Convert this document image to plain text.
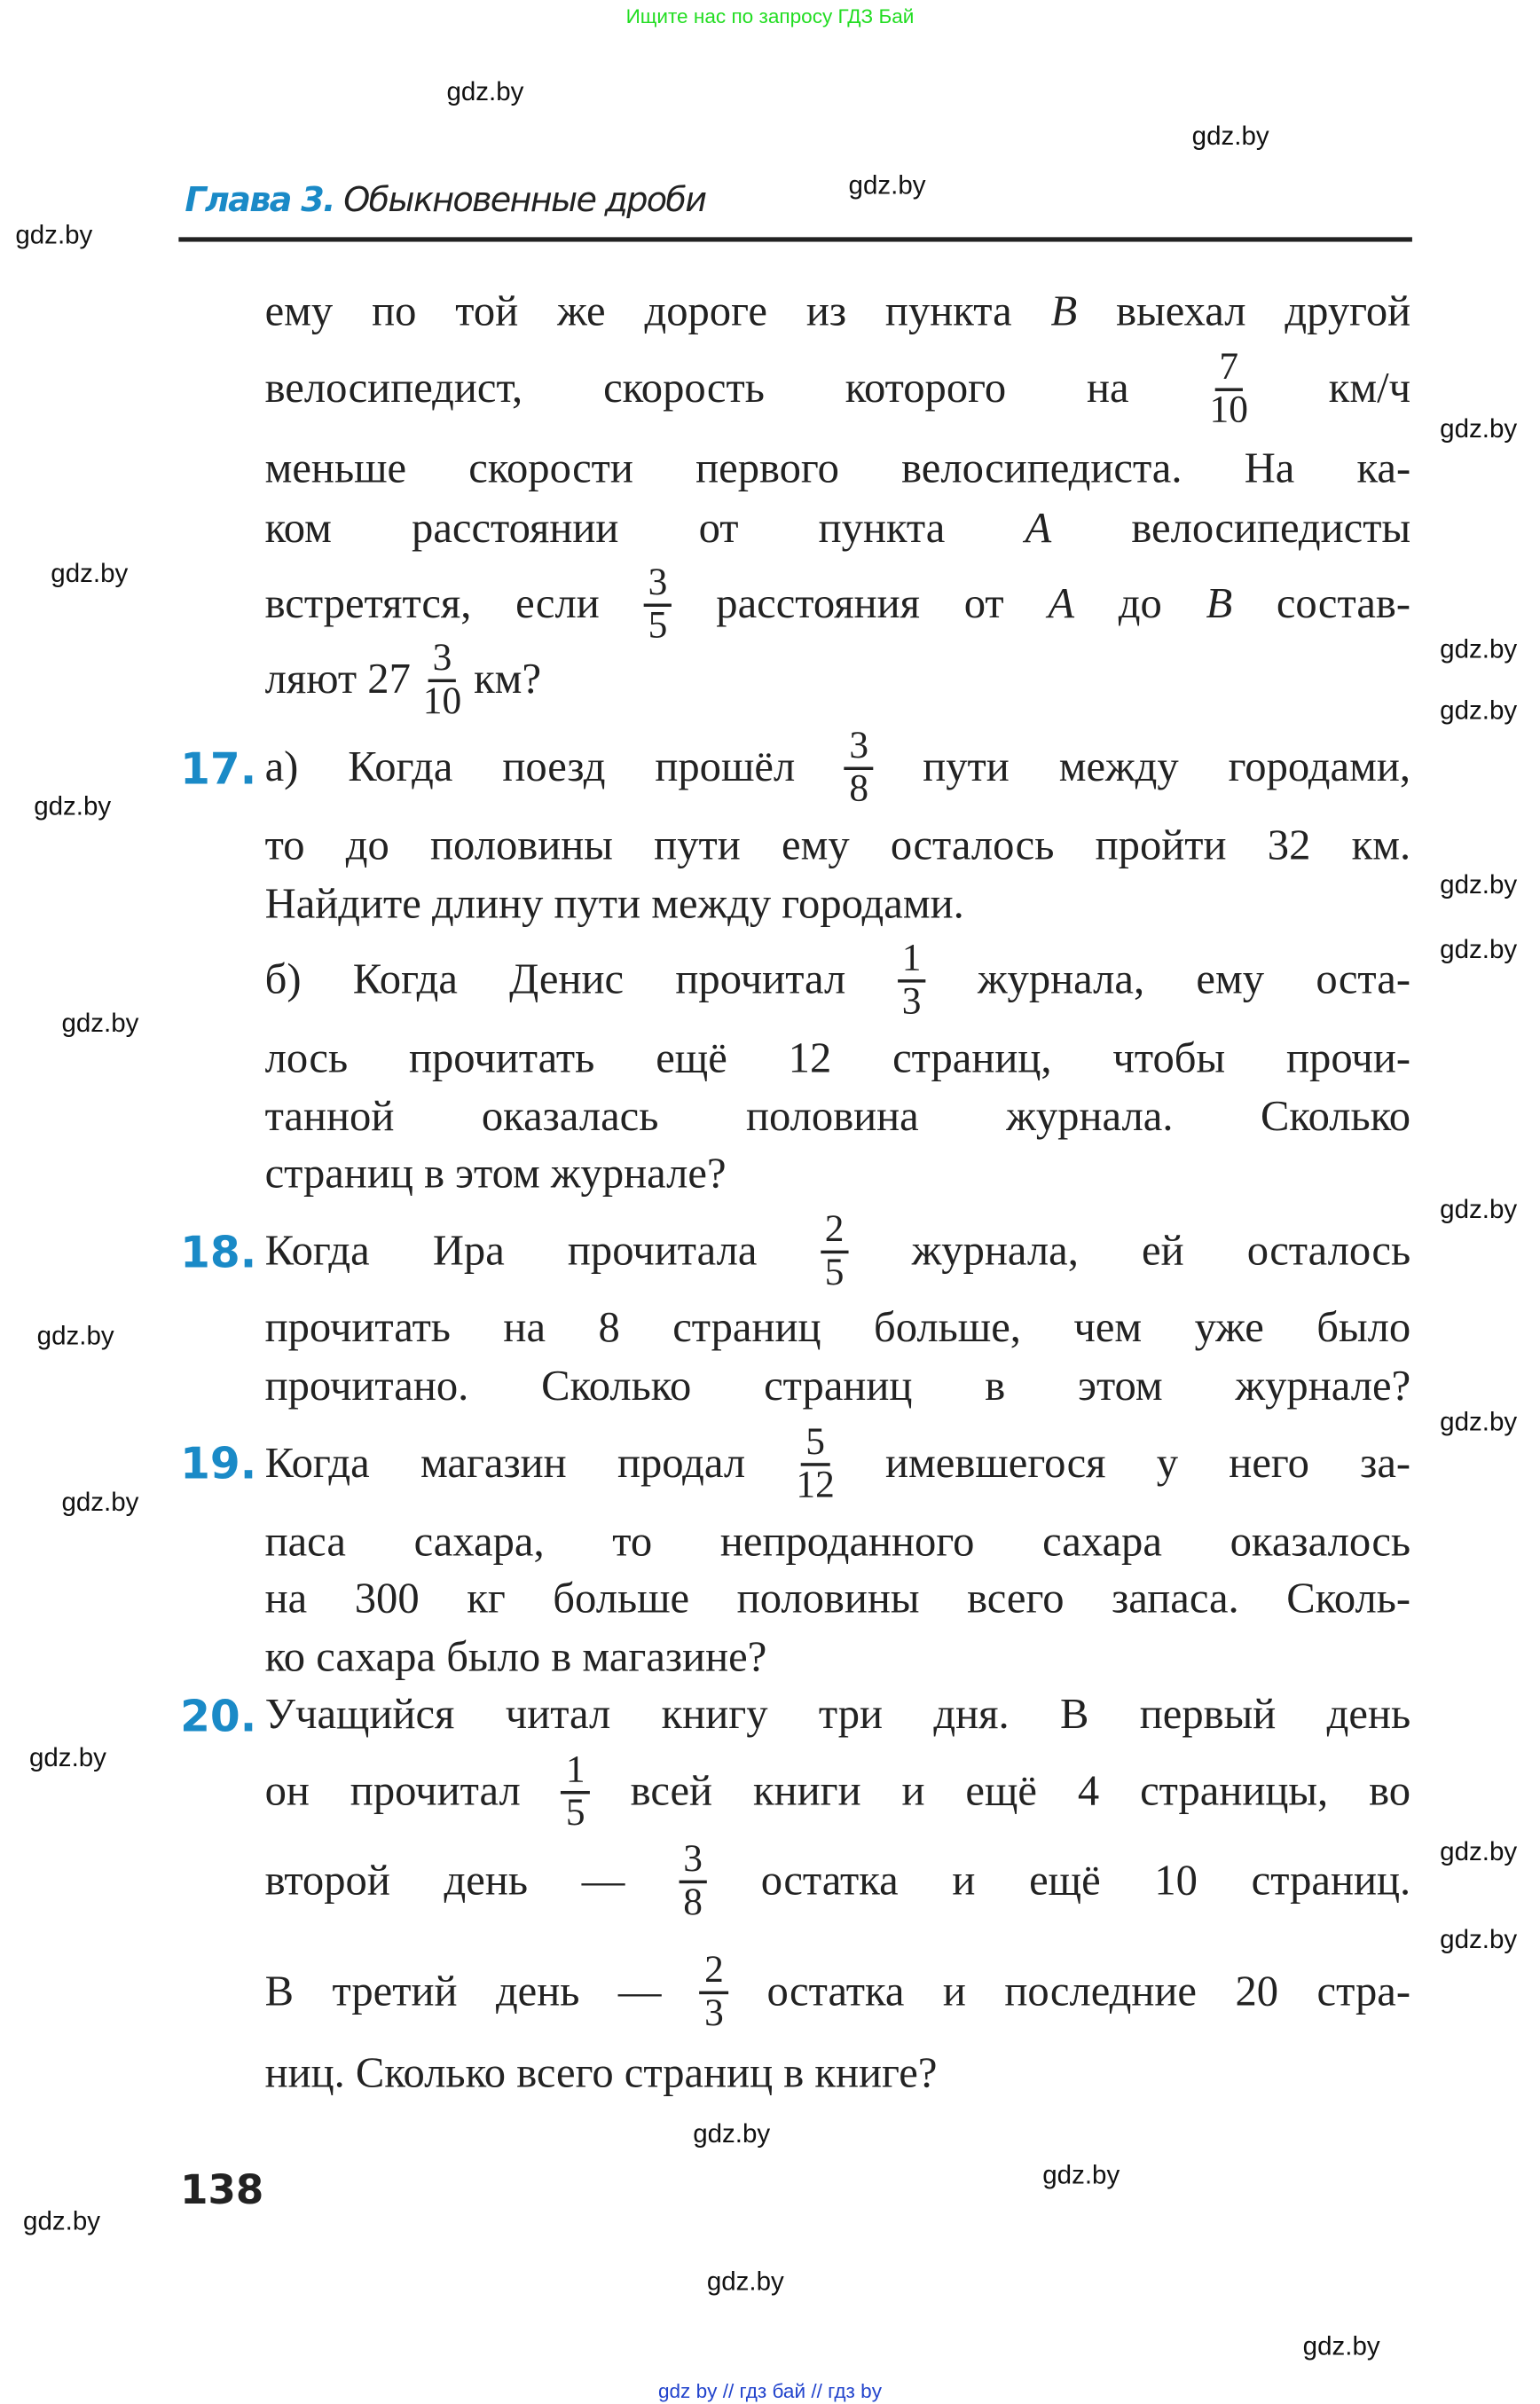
Ищите нас по запросу ГДЗ Бай
Глава 3. Обыкновенные дроби
ему по той же дороге из пункта B выехал другой
велосипедист,	скорость	которого	на	$\frac{7}{10}$	км/ч
меньше	скорости	первого	велосипедиста.	На	ка-
ком	расстоянии	от	пункта	A	велосипедисты
встретятся, если $\frac{3}{5}$ расстояния от A до B состав-
ляют $27 \frac{3}{10}$ км?
а) Когда поезд прошёл $\frac{3}{8}$ пути между городами,
то до половины пути ему осталось пройти 32 км.
Найдите длину пути между городами.
б) Когда Денис прочитал $\frac{1}{3}$ журнала, ему оста-
лось прочитать ещё 12 страниц, чтобы прочи-
танной	оказалась	половина	журнала.	Сколько
страниц в этом журнале?
Когда	Ира	прочитала	$\frac{2}{5}$	журнала,	ей	осталось
прочитать на 8 страниц больше, чем уже было
прочитано.	Сколько	страниц	в	этом	журнале?
Когда магазин продал $\frac{5}{12}$ имевшегося у него за-
паса	сахара,	то	непроданного	сахара	оказалось
на 300 кг больше половины всего запаса. Сколь-
ко сахара было в магазине?
Учащийся читал книгу три дня. В первый день
он прочитал $\frac{1}{5}$ всей книги и ещё 4 страницы, во
второй день — $\frac{3}{8}$ остатка и ещё 10 страниц.
В третий день — $\frac{2}{3}$ остатка и последние 20 стра-
ниц. Сколько всего страниц в книге?
17.
18.
19.
20.
138
gdz.by
gdz.by
gdz.by
gdz.by
gdz.by
gdz.by
gdz.by
gdz.by
gdz.by
gdz.by
gdz.by
gdz.by
gdz.by
gdz.by
gdz.by
gdz.by
gdz.by
gdz.by
gdz.by
gdz.by
gdz.by
gdz.by
gdz.by
gdz.by
gdz by // гдз бай // гдз by
